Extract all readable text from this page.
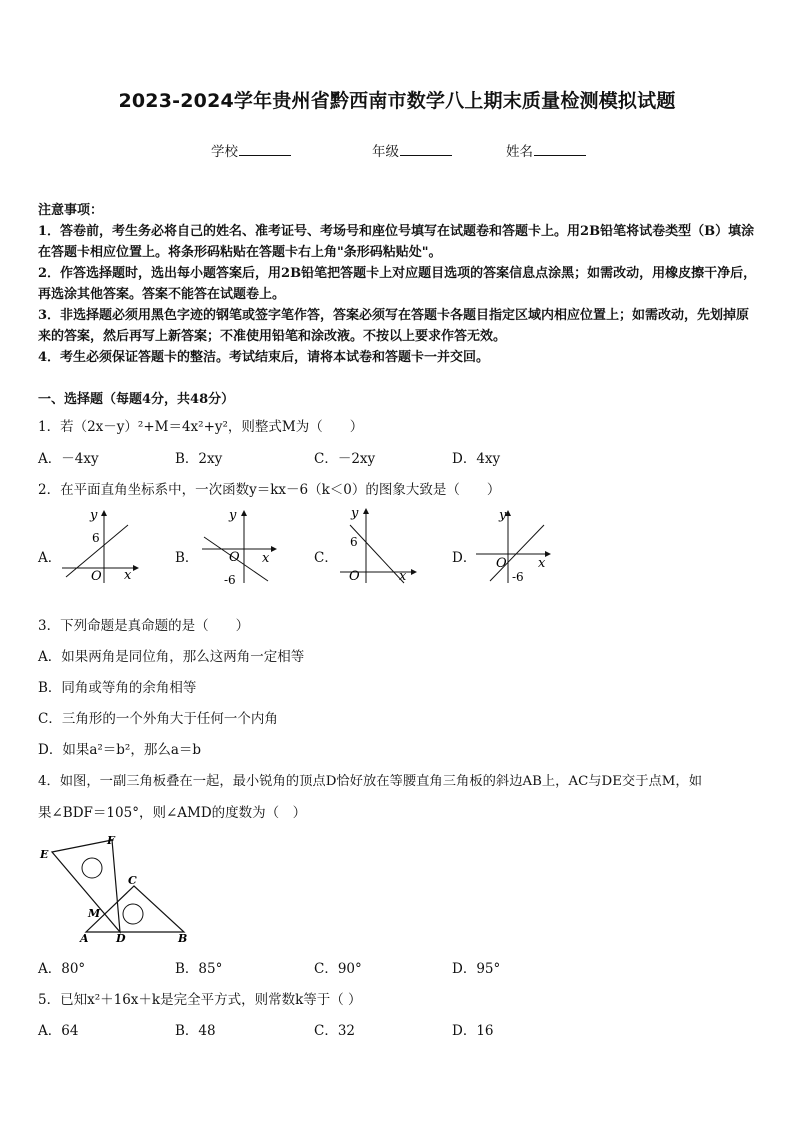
2023-2024学年贵州省黔西南市数学八上期末质量检测模拟试题
学校	年级	姓名

注意事项：

1．答卷前，考生务必将自己的姓名、准考证号、考场号和座位号填写在试题卷和答题卡上。用2B铅笔将试卷类型（B）填涂在答题卡相应位置上。将条形码粘贴在答题卡右上角"条形码粘贴处"。

2．作答选择题时，选出每小题答案后，用2B铅笔把答题卡上对应题目选项的答案信息点涂黑；如需改动，用橡皮擦干净后，再选涂其他答案。答案不能答在试题卷上。

3．非选择题必须用黑色字迹的钢笔或签字笔作答，答案必须写在答题卡各题目指定区域内相应位置上；如需改动，先划掉原来的答案，然后再写上新答案；不准使用铅笔和涂改液。不按以上要求作答无效。

4．考生必须保证答题卡的整洁。考试结束后，请将本试卷和答题卡一并交回。

一、选择题（每题4分，共48分）
1．若（2x－y）²+M＝4x²+y²，则整式M为（　　）
A．－4xy	B．2xy	C．－2xy	D．4xy
2．在平面直角坐标系中，一次函数y＝kx－6（k＜0）的图象大致是（　　）
A．	B．	C．	D．
y
6
O x
y
O x
-6
y
6
O	x
y
O x
-6
3．下列命题是真命题的是（　　）
A．如果两角是同位角，那么这两角一定相等
B．同角或等角的余角相等
C．三角形的一个外角大于任何一个内角
D．如果a²＝b²，那么a＝b
4．如图，一副三角板叠在一起，最小锐角的顶点D恰好放在等腰直角三角板的斜边AB上，AC与DE交于点M，如
果∠BDF＝105°，则∠AMD的度数为（　）
E
F
C
M
A D	B
A．80°	B．85°	C．90°	D．95°
5．已知x²＋16x＋k是完全平方式，则常数k等于（ ）
A．64	B．48	C．32	D．16
